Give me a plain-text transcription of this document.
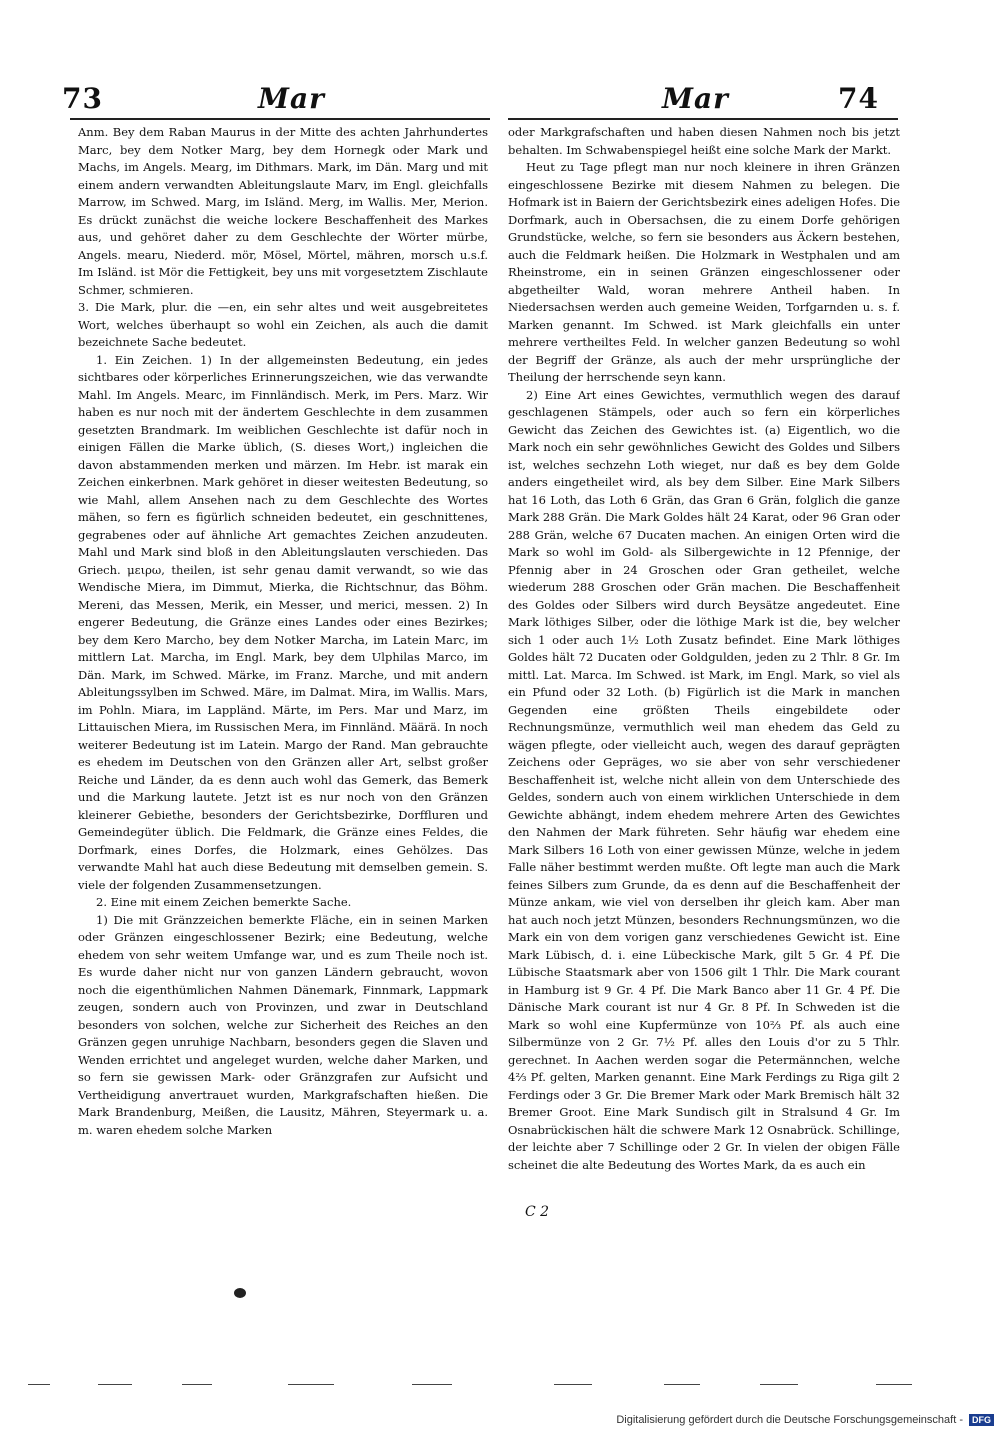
73	Mar	Mar	74

Anm. Bey dem Raban Maurus in der Mitte des achten Jahrhundertes Marc, bey dem Notker Marg, bey dem Hornegk oder Mark und Machs, im Angels. Mearg, im Dithmars. Mark, im Dän. Marg und mit einem andern verwandten Ableitungslaute Marv, im Engl. gleichfalls Marrow, im Schwed. Marg, im Isländ. Merg, im Wallis. Mer, Merion. Es drückt zunächst die weiche lockere Beschaffenheit des Markes aus, und gehöret daher zu dem Geschlechte der Wörter mürbe, Angels. mearu, Niederd. mör, Mösel, Mörtel, mähren, morsch u.s.f. Im Isländ. ist Mör die Fettigkeit, bey uns mit vorgesetztem Zischlaute Schmer, schmieren.

3. Die Mark, plur. die —en, ein sehr altes und weit ausgebreitetes Wort, welches überhaupt so wohl ein Zeichen, als auch die damit bezeichnete Sache bedeutet.

1. Ein Zeichen. 1) In der allgemeinsten Bedeutung, ein jedes sichtbares oder körperliches Erinnerungszeichen, wie das verwandte Mahl. Im Angels. Mearc, im Finnländisch. Merk, im Pers. Marz. Wir haben es nur noch mit der ändertem Geschlechte in dem zusammen gesetzten Brandmark. Im weiblichen Geschlechte ist dafür noch in einigen Fällen die Marke üblich, (S. dieses Wort,) ingleichen die davon abstammenden merken und märzen. Im Hebr. ist marak ein Zeichen einkerbnen. Mark gehöret in dieser weitesten Bedeutung, so wie Mahl, allem Ansehen nach zu dem Geschlechte des Wortes mähen, so fern es figürlich schneiden bedeutet, ein geschnittenes, gegrabenes oder auf ähnliche Art gemachtes Zeichen anzudeuten. Mahl und Mark sind bloß in den Ableitungslauten verschieden. Das Griech. μειρω, theilen, ist sehr genau damit verwandt, so wie das Wendische Miera, im Dimmut, Mierka, die Richtschnur, das Böhm. Mereni, das Messen, Merik, ein Messer, und merici, messen. 2) In engerer Bedeutung, die Gränze eines Landes oder eines Bezirkes; bey dem Kero Marcho, bey dem Notker Marcha, im Latein Marc, im mittlern Lat. Marcha, im Engl. Mark, bey dem Ulphilas Marco, im Dän. Mark, im Schwed. Märke, im Franz. Marche, und mit andern Ableitungssylben im Schwed. Märe, im Dalmat. Mira, im Wallis. Mars, im Pohln. Miara, im Lappländ. Märte, im Pers. Mar und Marz, im Littauischen Miera, im Russischen Mera, im Finnländ. Määrä. In noch weiterer Bedeutung ist im Latein. Margo der Rand. Man gebrauchte es ehedem im Deutschen von den Gränzen aller Art, selbst großer Reiche und Länder, da es denn auch wohl das Gemerk, das Bemerk und die Markung lautete. Jetzt ist es nur noch von den Gränzen kleinerer Gebiethe, besonders der Gerichtsbezirke, Dorffluren und Gemeindegüter üblich. Die Feldmark, die Gränze eines Feldes, die Dorfmark, eines Dorfes, die Holzmark, eines Gehölzes. Das verwandte Mahl hat auch diese Bedeutung mit demselben gemein. S. viele der folgenden Zusammensetzungen.

2. Eine mit einem Zeichen bemerkte Sache.

1) Die mit Gränzzeichen bemerkte Fläche, ein in seinen Marken oder Gränzen eingeschlossener Bezirk; eine Bedeutung, welche ehedem von sehr weitem Umfange war, und es zum Theile noch ist. Es wurde daher nicht nur von ganzen Ländern gebraucht, wovon noch die eigenthümlichen Nahmen Dänemark, Finnmark, Lappmark zeugen, sondern auch von Provinzen, und zwar in Deutschland besonders von solchen, welche zur Sicherheit des Reiches an den Gränzen gegen unruhige Nachbarn, besonders gegen die Slaven und Wenden errichtet und angeleget wurden, welche daher Marken, und so fern sie gewissen Mark- oder Gränzgrafen zur Aufsicht und Vertheidigung anvertrauet wurden, Markgrafschaften hießen. Die Mark Brandenburg, Meißen, die Lausitz, Mähren, Steyermark u. a. m. waren ehedem solche Marken

oder Markgrafschaften und haben diesen Nahmen noch bis jetzt behalten. Im Schwabenspiegel heißt eine solche Mark der Markt.

Heut zu Tage pflegt man nur noch kleinere in ihren Gränzen eingeschlossene Bezirke mit diesem Nahmen zu belegen. Die Hofmark ist in Baiern der Gerichtsbezirk eines adeligen Hofes. Die Dorfmark, auch in Obersachsen, die zu einem Dorfe gehörigen Grundstücke, welche, so fern sie besonders aus Äckern bestehen, auch die Feldmark heißen. Die Holzmark in Westphalen und am Rheinstrome, ein in seinen Gränzen eingeschlossener oder abgetheilter Wald, woran mehrere Antheil haben. In Niedersachsen werden auch gemeine Weiden, Torfgarnden u. s. f. Marken genannt. Im Schwed. ist Mark gleichfalls ein unter mehrere vertheiltes Feld. In welcher ganzen Bedeutung so wohl der Begriff der Gränze, als auch der mehr ursprüngliche der Theilung der herrschende seyn kann.

2) Eine Art eines Gewichtes, vermuthlich wegen des darauf geschlagenen Stämpels, oder auch so fern ein körperliches Gewicht das Zeichen des Gewichtes ist. (a) Eigentlich, wo die Mark noch ein sehr gewöhnliches Gewicht des Goldes und Silbers ist, welches sechzehn Loth wieget, nur daß es bey dem Golde anders eingetheilet wird, als bey dem Silber. Eine Mark Silbers hat 16 Loth, das Loth 6 Grän, das Gran 6 Grän, folglich die ganze Mark 288 Grän. Die Mark Goldes hält 24 Karat, oder 96 Gran oder 288 Grän, welche 67 Ducaten machen. An einigen Orten wird die Mark so wohl im Gold- als Silbergewichte in 12 Pfennige, der Pfennig aber in 24 Groschen oder Gran getheilet, welche wiederum 288 Groschen oder Grän machen. Die Beschaffenheit des Goldes oder Silbers wird durch Beysätze angedeutet. Eine Mark löthiges Silber, oder die löthige Mark ist die, bey welcher sich 1 oder auch 1½ Loth Zusatz befindet. Eine Mark löthiges Goldes hält 72 Ducaten oder Goldgulden, jeden zu 2 Thlr. 8 Gr. Im mittl. Lat. Marca. Im Schwed. ist Mark, im Engl. Mark, so viel als ein Pfund oder 32 Loth. (b) Figürlich ist die Mark in manchen Gegenden eine größten Theils eingebildete oder Rechnungsmünze, vermuthlich weil man ehedem das Geld zu wägen pflegte, oder vielleicht auch, wegen des darauf geprägten Zeichens oder Gepräges, wo sie aber von sehr verschiedener Beschaffenheit ist, welche nicht allein von dem Unterschiede des Geldes, sondern auch von einem wirklichen Unterschiede in dem Gewichte abhängt, indem ehedem mehrere Arten des Gewichtes den Nahmen der Mark führeten. Sehr häufig war ehedem eine Mark Silbers 16 Loth von einer gewissen Münze, welche in jedem Falle näher bestimmt werden mußte. Oft legte man auch die Mark feines Silbers zum Grunde, da es denn auf die Beschaffenheit der Münze ankam, wie viel von derselben ihr gleich kam. Aber man hat auch noch jetzt Münzen, besonders Rechnungsmünzen, wo die Mark ein von dem vorigen ganz verschiedenes Gewicht ist. Eine Mark Lübisch, d. i. eine Lübeckische Mark, gilt 5 Gr. 4 Pf. Die Lübische Staatsmark aber von 1506 gilt 1 Thlr. Die Mark courant in Hamburg ist 9 Gr. 4 Pf. Die Mark Banco aber 11 Gr. 4 Pf. Die Dänische Mark courant ist nur 4 Gr. 8 Pf. In Schweden ist die Mark so wohl eine Kupfermünze von 10⅔ Pf. als auch eine Silbermünze von 2 Gr. 7½ Pf. alles den Louis d'or zu 5 Thlr. gerechnet. In Aachen werden sogar die Petermännchen, welche 4⅔ Pf. gelten, Marken genannt. Eine Mark Ferdings zu Riga gilt 2 Ferdings oder 3 Gr. Die Bremer Mark oder Mark Bremisch hält 32 Bremer Groot. Eine Mark Sundisch gilt in Stralsund 4 Gr. Im Osnabrückischen hält die schwere Mark 12 Osnabrück. Schillinge, der leichte aber 7 Schillinge oder 2 Gr. In vielen der obigen Fälle scheinet die alte Bedeutung des Wortes Mark, da es auch ein

C 2
Digitalisierung gefördert durch die Deutsche Forschungsgemeinschaft -	DFG
